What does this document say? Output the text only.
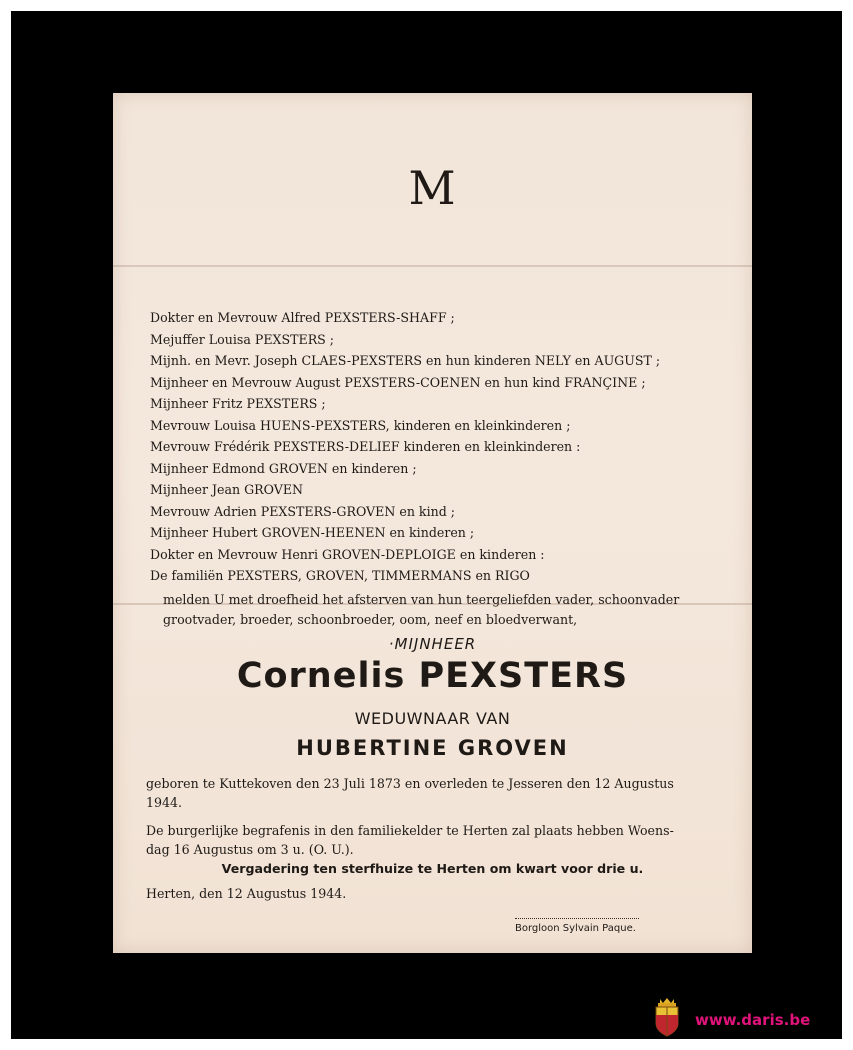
M
Dokter en Mevrouw Alfred PEXSTERS-SHAFF ;
Mejuffer Louisa PEXSTERS ;
Mijnh. en Mevr. Joseph CLAES-PEXSTERS en hun kinderen NELY en AUGUST ;
Mijnheer en Mevrouw August PEXSTERS-COENEN en hun kind FRANÇINE ;
Mijnheer Fritz PEXSTERS ;
Mevrouw Louisa HUENS-PEXSTERS, kinderen en kleinkinderen ;
Mevrouw Frédérik PEXSTERS-DELIEF kinderen en kleinkinderen :
Mijnheer Edmond GROVEN en kinderen ;
Mijnheer Jean GROVEN
Mevrouw Adrien PEXSTERS-GROVEN en kind ;
Mijnheer Hubert GROVEN-HEENEN en kinderen ;
Dokter en Mevrouw Henri GROVEN-DEPLOIGE en kinderen :
De familiën PEXSTERS, GROVEN, TIMMERMANS en RIGO
melden U met droefheid het afsterven van hun teergeliefden vader, schoonvader
grootvader, broeder, schoonbroeder, oom, neef en bloedverwant,
·MIJNHEER
Cornelis PEXSTERS
WEDUWNAAR VAN
HUBERTINE GROVEN
geboren te Kuttekoven den 23 Juli 1873 en overleden te Jesseren den 12 Augustus
1944.
De burgerlijke begrafenis in den familiekelder te Herten zal plaats hebben Woens-
dag 16 Augustus om 3 u. (O. U.).
Vergadering ten sterfhuize te Herten om kwart voor drie u.
Herten, den 12 Augustus 1944.
Borgloon Sylvain Paque.
www.daris.be
